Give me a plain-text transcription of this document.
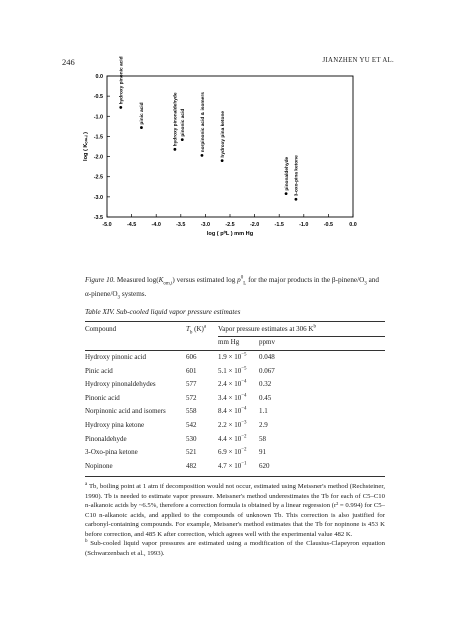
246	JIANZHEN YU ET AL.
-5.0	-4.5	-4.0	-3.5	-3.0	-2.5	-2.0	-1.5	-1.0	-0.5	0.0
0.0
-0.5
-1.0
-1.5
-2.0
-2.5
-3.0
-3.5
log ( p⁰L ) mm Hg
log ( Kₒₘ,ᵢ )
hydroxy pinonic acid
pinic acid	pinonic acid
hydroxy pinonaldehyde	norpinonic acid & isomers	hydroxy pina ketone
pinonaldehyde 3-oxo-pina ketone
Figure 10. Measured $\log(K_{om,i})$ versus estimated $\log p^0_L$ for the major products in the $\beta-pinene/O_3$ and $\alpha-pinene/O_3$ systems.
Table XIV. Sub-cooled liquid vapor pressure estimates
Compound	$T_b$ $(K)^a$ Vapor pressure estimates at 306 $K^b$
mm Hg	ppmv
Hydroxy pinonic acid	606	$1.9 \times 10^{-5}$ 0.048
Pinic acid	601	$5.1 \times 10^{-5}$ 0.067
Hydroxy pinonaldehydes	577	$2.4 \times 10^{-4}$ 0.32
Pinonic acid	572	$3.4 \times 10^{-4}$ 0.45
Norpinonic acid and isomers	558	$8.4 \times 10^{-4}$ 1.1
Hydroxy pina ketone	542	$2.2 \times 10^{-3}$ 2.9
Pinonaldehyde	530	$4.4 \times 10^{-2}$ 58
3-Oxo-pina ketone	521	$6.9 \times 10^{-2}$ 91
Nopinone	482	$4.7 \times 10^{-1}$ 620

$^a$ Tb, boiling point at 1 atm if decomposition would not occur, estimated using Meissner's method (Rechsteiner, 1990). Tb is needed to estimate vapor pressure. Meissner's method underestimates the Tb for each of C5–C10 n-alkanoic acids by ~6.5%, therefore a correction formula is obtained by a linear regression (r² = 0.994) for C5–C10 n-alkanoic acids, and applied to the compounds of unknown Tb. This correction is also justified for carbonyl-containing compounds. For example, Meissner's method estimates that the Tb for nopinone is 453 K before correction, and 485 K after correction, which agrees well with the experimental value 482 K.

$^b$ Sub-cooled liquid vapor pressures are estimated using a modification of the Clausius-Clapeyron equation (Schwarzenbach et al., 1993).
